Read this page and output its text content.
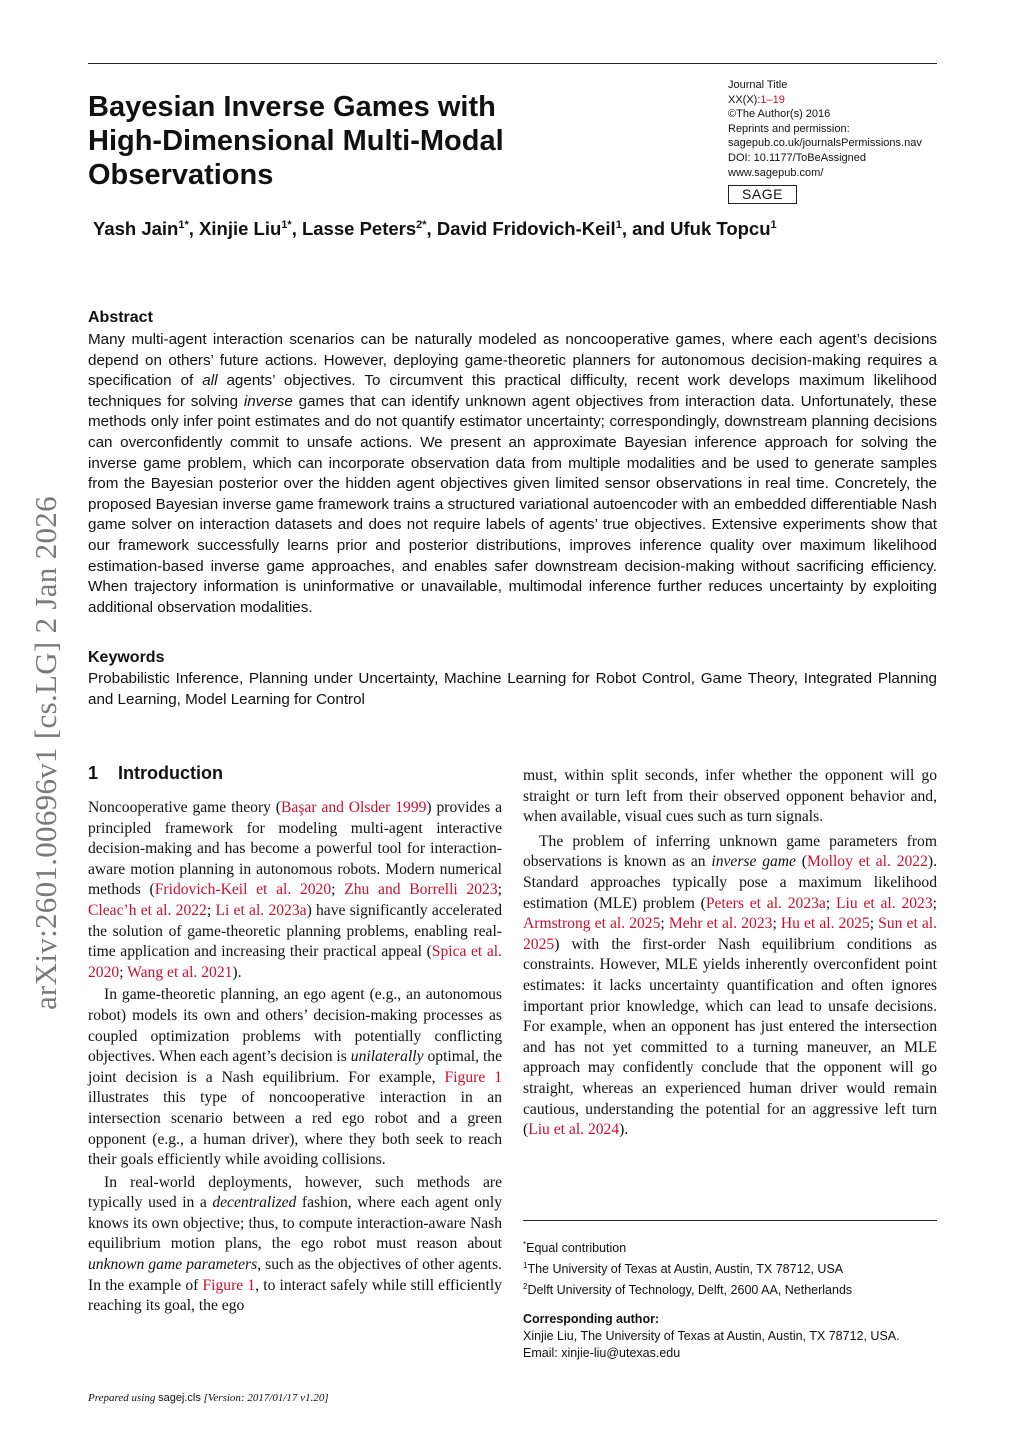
Bayesian Inverse Games with
High-Dimensional Multi-Modal
Observations
Journal Title
XX(X):1–19
©The Author(s) 2016
Reprints and permission:
sagepub.co.uk/journalsPermissions.nav
DOI: 10.1177/ToBeAssigned
www.sagepub.com/
SAGE
Yash Jain$^{1*}$, Xinjie Liu$^{1*}$, Lasse Peters$^{2*}$, David Fridovich-Keil$^1$, and Ufuk Topcu$^1$
Abstract

Many multi-agent interaction scenarios can be naturally modeled as noncooperative games, where each agent’s decisions depend on others’ future actions. However, deploying game-theoretic planners for autonomous decision-making requires a specification of all agents’ objectives. To circumvent this practical difficulty, recent work develops maximum likelihood techniques for solving inverse games that can identify unknown agent objectives from interaction data. Unfortunately, these methods only infer point estimates and do not quantify estimator uncertainty; correspondingly, downstream planning decisions can overconfidently commit to unsafe actions. We present an approximate Bayesian inference approach for solving the inverse game problem, which can incorporate observation data from multiple modalities and be used to generate samples from the Bayesian posterior over the hidden agent objectives given limited sensor observations in real time. Concretely, the proposed Bayesian inverse game framework trains a structured variational autoencoder with an embedded differentiable Nash game solver on interaction datasets and does not require labels of agents’ true objectives. Extensive experiments show that our framework successfully learns prior and posterior distributions, improves inference quality over maximum likelihood estimation-based inverse game approaches, and enables safer downstream decision-making without sacrificing efficiency. When trajectory information is uninformative or unavailable, multimodal inference further reduces uncertainty by exploiting additional observation modalities.

Keywords

Probabilistic Inference, Planning under Uncertainty, Machine Learning for Robot Control, Game Theory, Integrated Planning and Learning, Model Learning for Control

arXiv:2601.00696v1 [cs.LG] 2 Jan 2026 1 Introduction

Noncooperative game theory (Başar and Olsder 1999) provides a principled framework for modeling multi-agent interactive decision-making and has become a powerful tool for interaction-aware motion planning in autonomous robots. Modern numerical methods (Fridovich-Keil et al. 2020; Zhu and Borrelli 2023; Cleac’h et al. 2022; Li et al. 2023a) have significantly accelerated the solution of game-theoretic planning problems, enabling real-time application and increasing their practical appeal (Spica et al. 2020; Wang et al. 2021).

In game-theoretic planning, an ego agent (e.g., an autonomous robot) models its own and others’ decision-making processes as coupled optimization problems with potentially conflicting objectives. When each agent’s decision is unilaterally optimal, the joint decision is a Nash equilibrium. For example, Figure 1 illustrates this type of noncooperative interaction in an intersection scenario between a red ego robot and a green opponent (e.g., a human driver), where they both seek to reach their goals efficiently while avoiding collisions.

In real-world deployments, however, such methods are typically used in a decentralized fashion, where each agent only knows its own objective; thus, to compute interaction-aware Nash equilibrium motion plans, the ego robot must reason about unknown game parameters, such as the objectives of other agents. In the example of Figure 1, to interact safely while still efficiently reaching its goal, the ego

must, within split seconds, infer whether the opponent will go straight or turn left from their observed opponent behavior and, when available, visual cues such as turn signals.

The problem of inferring unknown game parameters from observations is known as an inverse game (Molloy et al. 2022). Standard approaches typically pose a maximum likelihood estimation (MLE) problem (Peters et al. 2023a; Liu et al. 2023; Armstrong et al. 2025; Mehr et al. 2023; Hu et al. 2025; Sun et al. 2025) with the first-order Nash equilibrium conditions as constraints. However, MLE yields inherently overconfident point estimates: it lacks uncertainty quantification and often ignores important prior knowledge, which can lead to unsafe decisions. For example, when an opponent has just entered the intersection and has not yet committed to a turning maneuver, an MLE approach may confidently conclude that the opponent will go straight, whereas an experienced human driver would remain cautious, understanding the potential for an aggressive left turn (Liu et al. 2024).

*Equal contribution
$^1$The University of Texas at Austin, Austin, TX 78712, USA
$^2$Delft University of Technology, Delft, 2600 AA, Netherlands
Corresponding author:
Xinjie Liu, The University of Texas at Austin, Austin, TX 78712, USA.
Email: xinjie-liu@utexas.edu
Prepared using sagej.cls [Version: 2017/01/17 v1.20]
